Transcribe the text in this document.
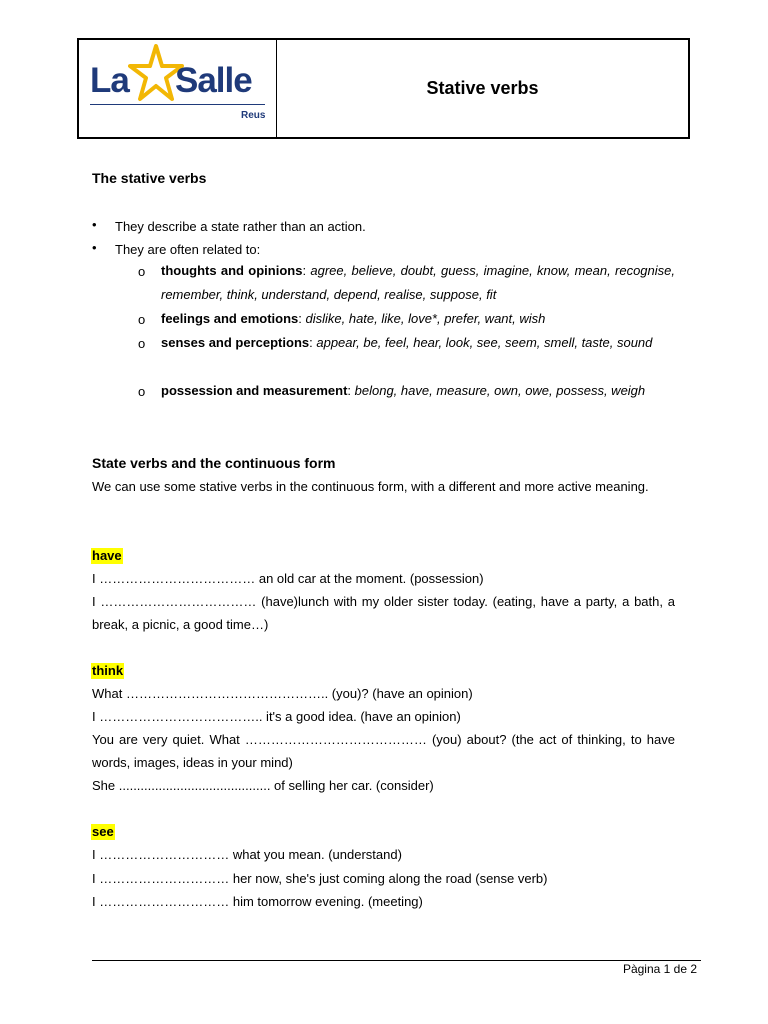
La Salle
Reus
Stative verbs
The stative verbs
• They describe a state rather than an action.
• They are often related to:
o thoughts and opinions: agree, believe, doubt, guess, imagine, know, mean, recognise, remember, think, understand, depend, realise, suppose, fit
o feelings and emotions: dislike, hate, like, love*, prefer, want, wish
o senses and perceptions: appear, be, feel, hear, look, see, seem, smell, taste, sound
o possession and measurement: belong, have, measure, own, owe, possess, weigh
State verbs and the continuous form
We can use some stative verbs in the continuous form, with a different and more active meaning.
have
I ……………………………… an old car at the moment. (possession)
I ……………………………… (have)lunch with my older sister today. (eating, have a party, a bath, a break, a picnic, a good time…)
think
What ……………………………………….. (you)? (have an opinion)
I ……………………………….. it's a good idea. (have an opinion)
You are very quiet. What …………………………………… (you) about? (the act of thinking, to have words, images, ideas in your mind)
She .......................................... of selling her car. (consider)
see
I ………………………… what you mean. (understand)
I ………………………… her now, she's just coming along the road (sense verb)
I ………………………… him tomorrow evening. (meeting)
Pàgina 1 de 2
